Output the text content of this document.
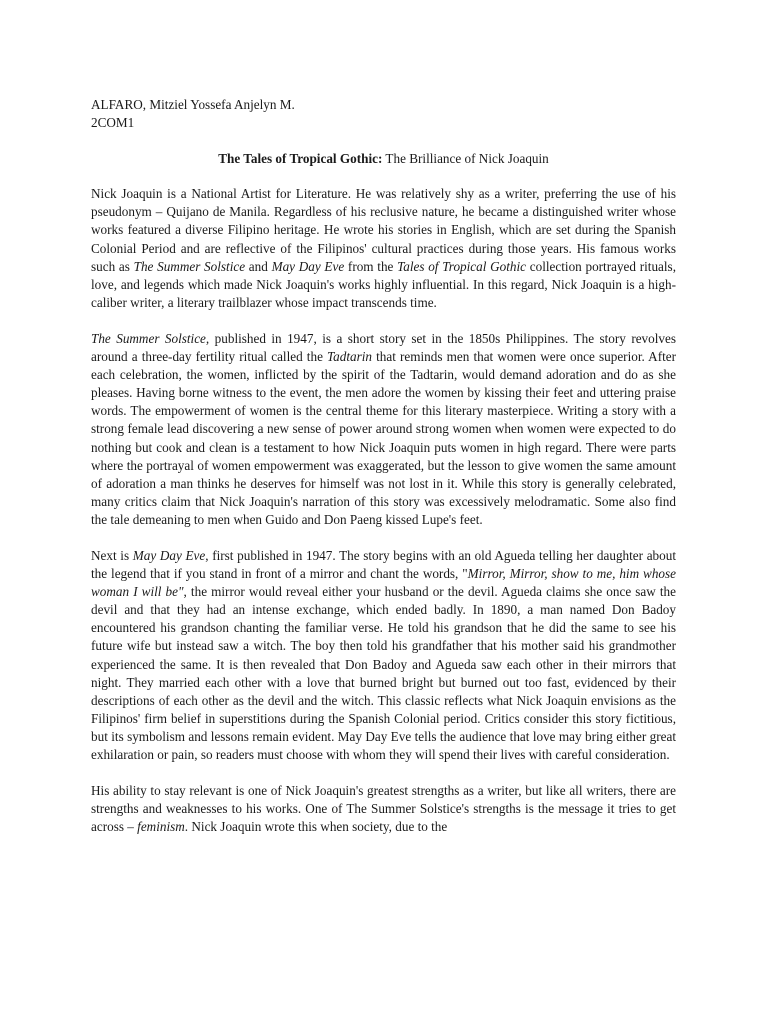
ALFARO, Mitziel Yossefa Anjelyn M.
2COM1
The Tales of Tropical Gothic: The Brilliance of Nick Joaquin

Nick Joaquin is a National Artist for Literature. He was relatively shy as a writer, preferring the use of his pseudonym – Quijano de Manila. Regardless of his reclusive nature, he became a distinguished writer whose works featured a diverse Filipino heritage. He wrote his stories in English, which are set during the Spanish Colonial Period and are reflective of the Filipinos' cultural practices during those years. His famous works such as The Summer Solstice and May Day Eve from the Tales of Tropical Gothic collection portrayed rituals, love, and legends which made Nick Joaquin's works highly influential. In this regard, Nick Joaquin is a high-caliber writer, a literary trailblazer whose impact transcends time.

The Summer Solstice, published in 1947, is a short story set in the 1850s Philippines. The story revolves around a three-day fertility ritual called the Tadtarin that reminds men that women were once superior. After each celebration, the women, inflicted by the spirit of the Tadtarin, would demand adoration and do as she pleases. Having borne witness to the event, the men adore the women by kissing their feet and uttering praise words. The empowerment of women is the central theme for this literary masterpiece. Writing a story with a strong female lead discovering a new sense of power around strong women when women were expected to do nothing but cook and clean is a testament to how Nick Joaquin puts women in high regard. There were parts where the portrayal of women empowerment was exaggerated, but the lesson to give women the same amount of adoration a man thinks he deserves for himself was not lost in it. While this story is generally celebrated, many critics claim that Nick Joaquin's narration of this story was excessively melodramatic. Some also find the tale demeaning to men when Guido and Don Paeng kissed Lupe's feet.

Next is May Day Eve, first published in 1947. The story begins with an old Agueda telling her daughter about the legend that if you stand in front of a mirror and chant the words, "Mirror, Mirror, show to me, him whose woman I will be", the mirror would reveal either your husband or the devil. Agueda claims she once saw the devil and that they had an intense exchange, which ended badly. In 1890, a man named Don Badoy encountered his grandson chanting the familiar verse. He told his grandson that he did the same to see his future wife but instead saw a witch. The boy then told his grandfather that his mother said his grandmother experienced the same. It is then revealed that Don Badoy and Agueda saw each other in their mirrors that night. They married each other with a love that burned bright but burned out too fast, evidenced by their descriptions of each other as the devil and the witch. This classic reflects what Nick Joaquin envisions as the Filipinos' firm belief in superstitions during the Spanish Colonial period. Critics consider this story fictitious, but its symbolism and lessons remain evident. May Day Eve tells the audience that love may bring either great exhilaration or pain, so readers must choose with whom they will spend their lives with careful consideration.

His ability to stay relevant is one of Nick Joaquin's greatest strengths as a writer, but like all writers, there are strengths and weaknesses to his works. One of The Summer Solstice's strengths is the message it tries to get across – feminism. Nick Joaquin wrote this when society, due to the
